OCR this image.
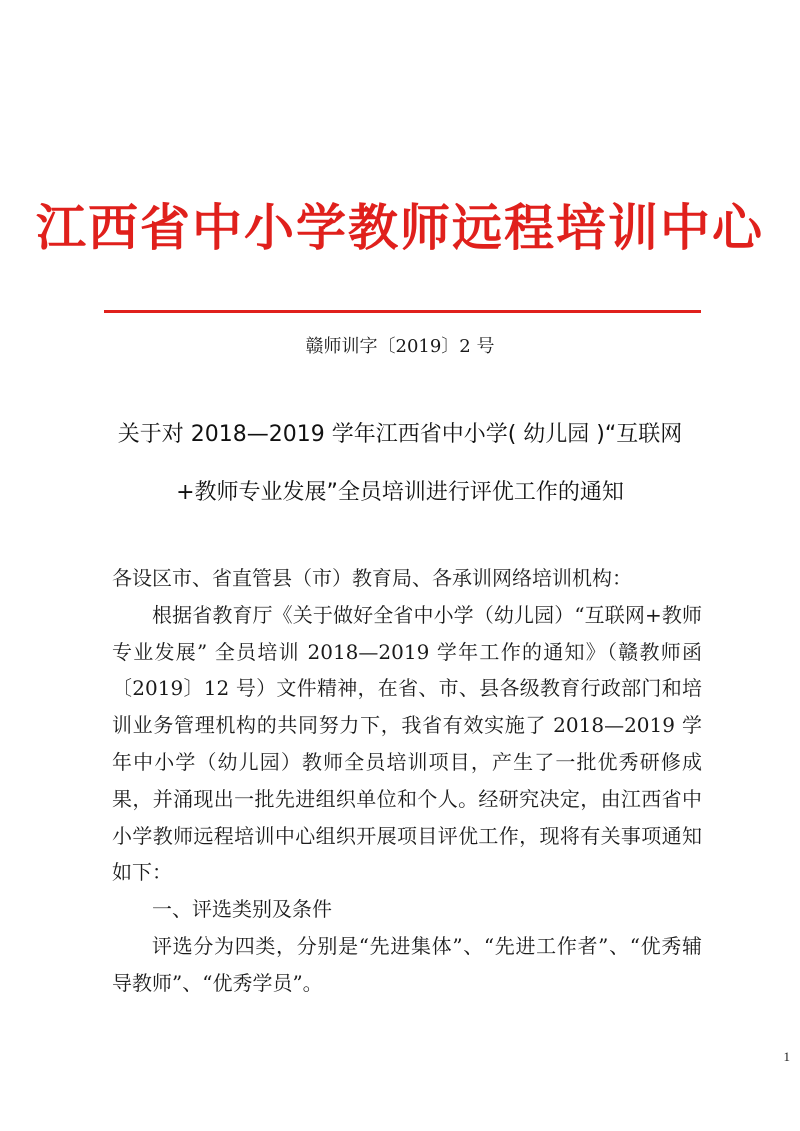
江西省中小学教师远程培训中心
赣师训字〔2019〕2 号
关于对 2018—2019 学年江西省中小学( 幼儿园 )“互联网
+教师专业发展”全员培训进行评优工作的通知

各设区市、省直管县（市）教育局、各承训网络培训机构：

根据省教育厅《关于做好全省中小学（幼儿园）“互联网+教师专业发展” 全员培训 2018—2019 学年工作的通知》（赣教师函〔2019〕12 号）文件精神，在省、市、县各级教育行政部门和培训业务管理机构的共同努力下，我省有效实施了 2018—2019 学年中小学（幼儿园）教师全员培训项目，产生了一批优秀研修成果，并涌现出一批先进组织单位和个人。经研究决定，由江西省中小学教师远程培训中心组织开展项目评优工作，现将有关事项通知如下：

一、评选类别及条件

评选分为四类，分别是“先进集体”、“先进工作者”、“优秀辅导教师”、“优秀学员”。

1
